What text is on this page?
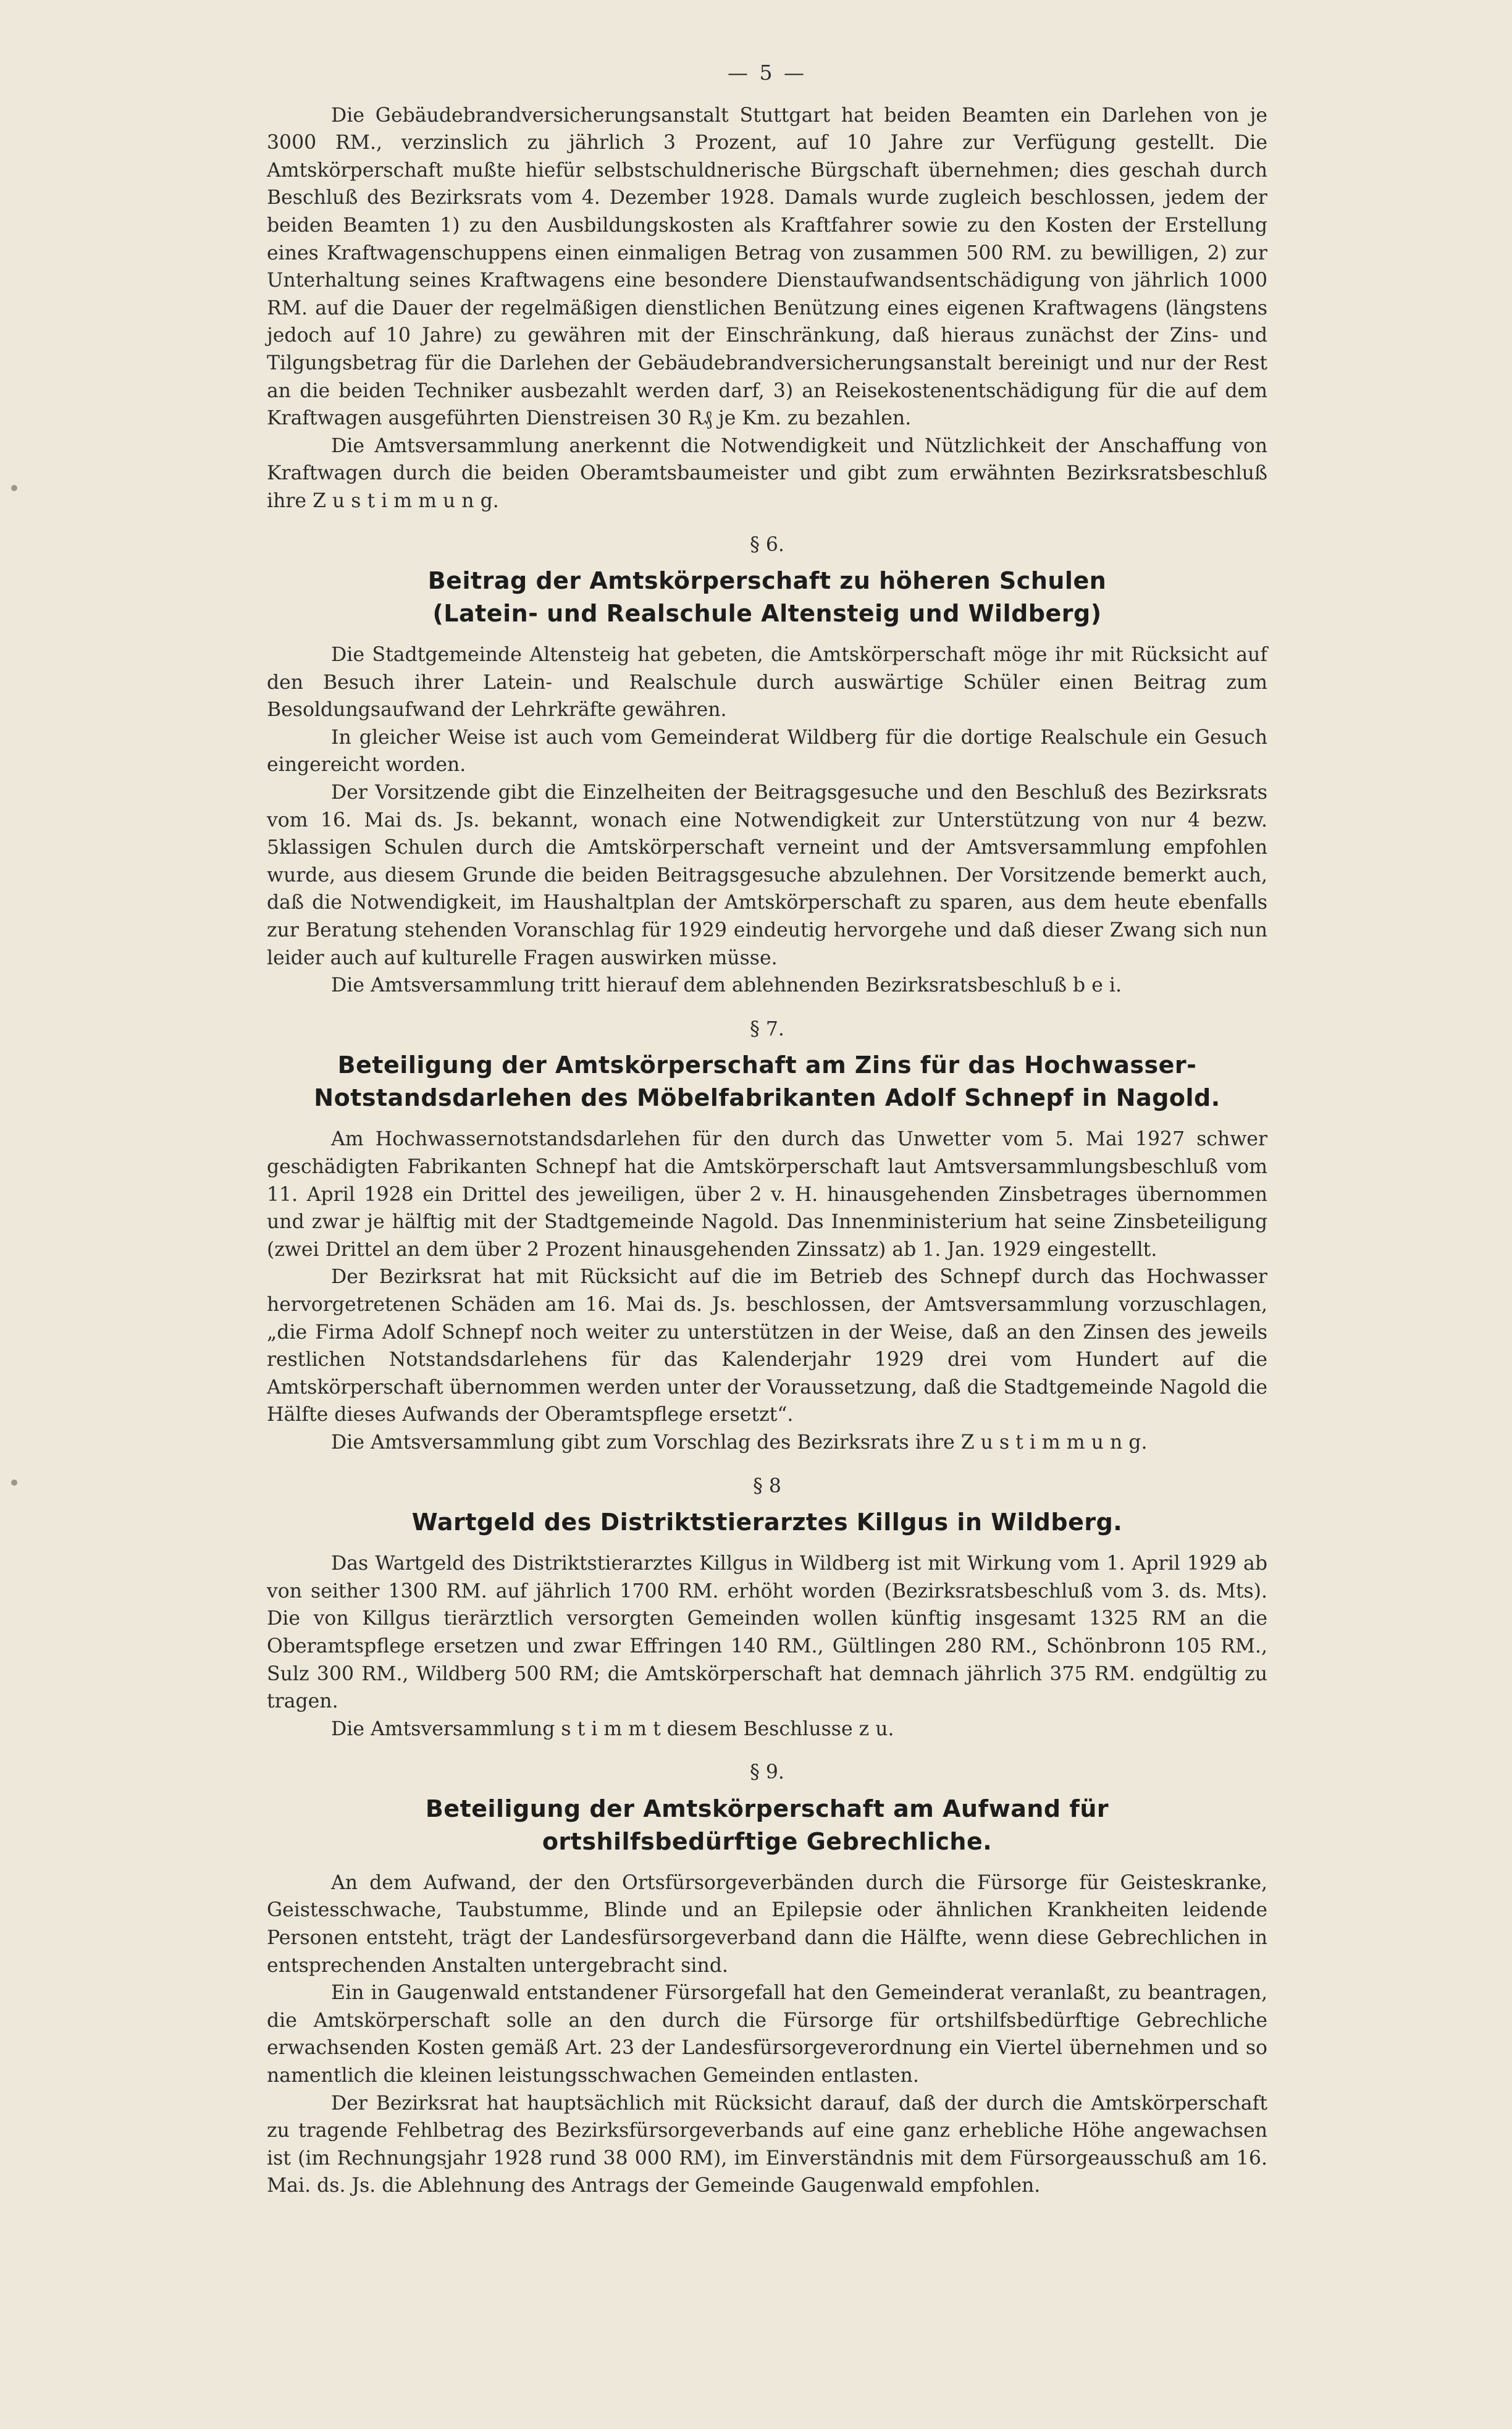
— 5 —

Die Gebäudebrandversicherungsanstalt Stuttgart hat beiden Beamten ein Darlehen von je 3000 RM., verzinslich zu jährlich 3 Prozent, auf 10 Jahre zur Verfügung gestellt. Die Amtskörperschaft mußte hiefür selbstschuldnerische Bürgschaft übernehmen; dies geschah durch Beschluß des Bezirksrats vom 4. Dezember 1928. Damals wurde zugleich beschlossen, jedem der beiden Beamten 1) zu den Ausbildungskosten als Kraftfahrer sowie zu den Kosten der Erstellung eines Kraftwagenschuppens einen einmaligen Betrag von zusammen 500 RM. zu bewilligen, 2) zur Unterhaltung seines Kraftwagens eine besondere Dienstaufwandsentschädigung von jährlich 1000 RM. auf die Dauer der regelmäßigen dienstlichen Benützung eines eigenen Kraftwagens (längstens jedoch auf 10 Jahre) zu gewähren mit der Einschränkung, daß hieraus zunächst der Zins- und Tilgungsbetrag für die Darlehen der Gebäudebrandversicherungsanstalt bereinigt und nur der Rest an die beiden Techniker ausbezahlt werden darf, 3) an Reisekostenentschädigung für die auf dem Kraftwagen ausgeführten Dienstreisen 30 R₰ je Km. zu bezahlen.

Die Amtsversammlung anerkennt die Notwendigkeit und Nützlichkeit der Anschaffung von Kraftwagen durch die beiden Oberamtsbaumeister und gibt zum erwähnten Bezirksratsbeschluß ihre Z u s t i m m u n g.

§ 6.
Beitrag der Amtskörperschaft zu höheren Schulen
(Latein- und Realschule Altensteig und Wildberg)

Die Stadtgemeinde Altensteig hat gebeten, die Amtskörperschaft möge ihr mit Rücksicht auf den Besuch ihrer Latein- und Realschule durch auswärtige Schüler einen Beitrag zum Besoldungsaufwand der Lehrkräfte gewähren.

In gleicher Weise ist auch vom Gemeinderat Wildberg für die dortige Realschule ein Gesuch eingereicht worden.

Der Vorsitzende gibt die Einzelheiten der Beitragsgesuche und den Beschluß des Bezirksrats vom 16. Mai ds. Js. bekannt, wonach eine Notwendigkeit zur Unterstützung von nur 4 bezw. 5klassigen Schulen durch die Amtskörperschaft verneint und der Amtsversammlung empfohlen wurde, aus diesem Grunde die beiden Beitragsgesuche abzulehnen. Der Vorsitzende bemerkt auch, daß die Notwendigkeit, im Haushaltplan der Amtskörperschaft zu sparen, aus dem heute ebenfalls zur Beratung stehenden Voranschlag für 1929 eindeutig hervorgehe und daß dieser Zwang sich nun leider auch auf kulturelle Fragen auswirken müsse.

Die Amtsversammlung tritt hierauf dem ablehnenden Bezirksratsbeschluß b e i.

§ 7.
Beteiligung der Amtskörperschaft am Zins für das Hochwasser-
Notstandsdarlehen des Möbelfabrikanten Adolf Schnepf in Nagold.

Am Hochwassernotstandsdarlehen für den durch das Unwetter vom 5. Mai 1927 schwer geschädigten Fabrikanten Schnepf hat die Amtskörperschaft laut Amtsversammlungsbeschluß vom 11. April 1928 ein Drittel des jeweiligen, über 2 v. H. hinausgehenden Zinsbetrages übernommen und zwar je hälftig mit der Stadtgemeinde Nagold. Das Innenministerium hat seine Zinsbeteiligung (zwei Drittel an dem über 2 Prozent hinausgehenden Zinssatz) ab 1. Jan. 1929 eingestellt.

Der Bezirksrat hat mit Rücksicht auf die im Betrieb des Schnepf durch das Hochwasser hervorgetretenen Schäden am 16. Mai ds. Js. beschlossen, der Amtsversammlung vorzuschlagen, „die Firma Adolf Schnepf noch weiter zu unterstützen in der Weise, daß an den Zinsen des jeweils restlichen Notstandsdarlehens für das Kalenderjahr 1929 drei vom Hundert auf die Amtskörperschaft übernommen werden unter der Voraussetzung, daß die Stadtgemeinde Nagold die Hälfte dieses Aufwands der Oberamtspflege ersetzt“.

Die Amtsversammlung gibt zum Vorschlag des Bezirksrats ihre Z u s t i m m u n g.

§ 8
Wartgeld des Distriktstierarztes Killgus in Wildberg.

Das Wartgeld des Distriktstierarztes Killgus in Wildberg ist mit Wirkung vom 1. April 1929 ab von seither 1300 RM. auf jährlich 1700 RM. erhöht worden (Bezirksratsbeschluß vom 3. ds. Mts). Die von Killgus tierärztlich versorgten Gemeinden wollen künftig insgesamt 1325 RM an die Oberamtspflege ersetzen und zwar Effringen 140 RM., Gültlingen 280 RM., Schönbronn 105 RM., Sulz 300 RM., Wildberg 500 RM; die Amtskörperschaft hat demnach jährlich 375 RM. endgültig zu tragen.

Die Amtsversammlung s t i m m t diesem Beschlusse z u.

§ 9.
Beteiligung der Amtskörperschaft am Aufwand für
ortshilfsbedürftige Gebrechliche.

An dem Aufwand, der den Ortsfürsorgeverbänden durch die Fürsorge für Geisteskranke, Geistesschwache, Taubstumme, Blinde und an Epilepsie oder ähnlichen Krankheiten leidende Personen entsteht, trägt der Landesfürsorgeverband dann die Hälfte, wenn diese Gebrechlichen in entsprechenden Anstalten untergebracht sind.

Ein in Gaugenwald entstandener Fürsorgefall hat den Gemeinderat veranlaßt, zu beantragen, die Amtskörperschaft solle an den durch die Fürsorge für ortshilfsbedürftige Gebrechliche erwachsenden Kosten gemäß Art. 23 der Landesfürsorgeverordnung ein Viertel übernehmen und so namentlich die kleinen leistungsschwachen Gemeinden entlasten.

Der Bezirksrat hat hauptsächlich mit Rücksicht darauf, daß der durch die Amtskörperschaft zu tragende Fehlbetrag des Bezirksfürsorgeverbands auf eine ganz erhebliche Höhe angewachsen ist (im Rechnungsjahr 1928 rund 38 000 RM), im Einverständnis mit dem Fürsorgeausschuß am 16. Mai. ds. Js. die Ablehnung des Antrags der Gemeinde Gaugenwald empfohlen.
